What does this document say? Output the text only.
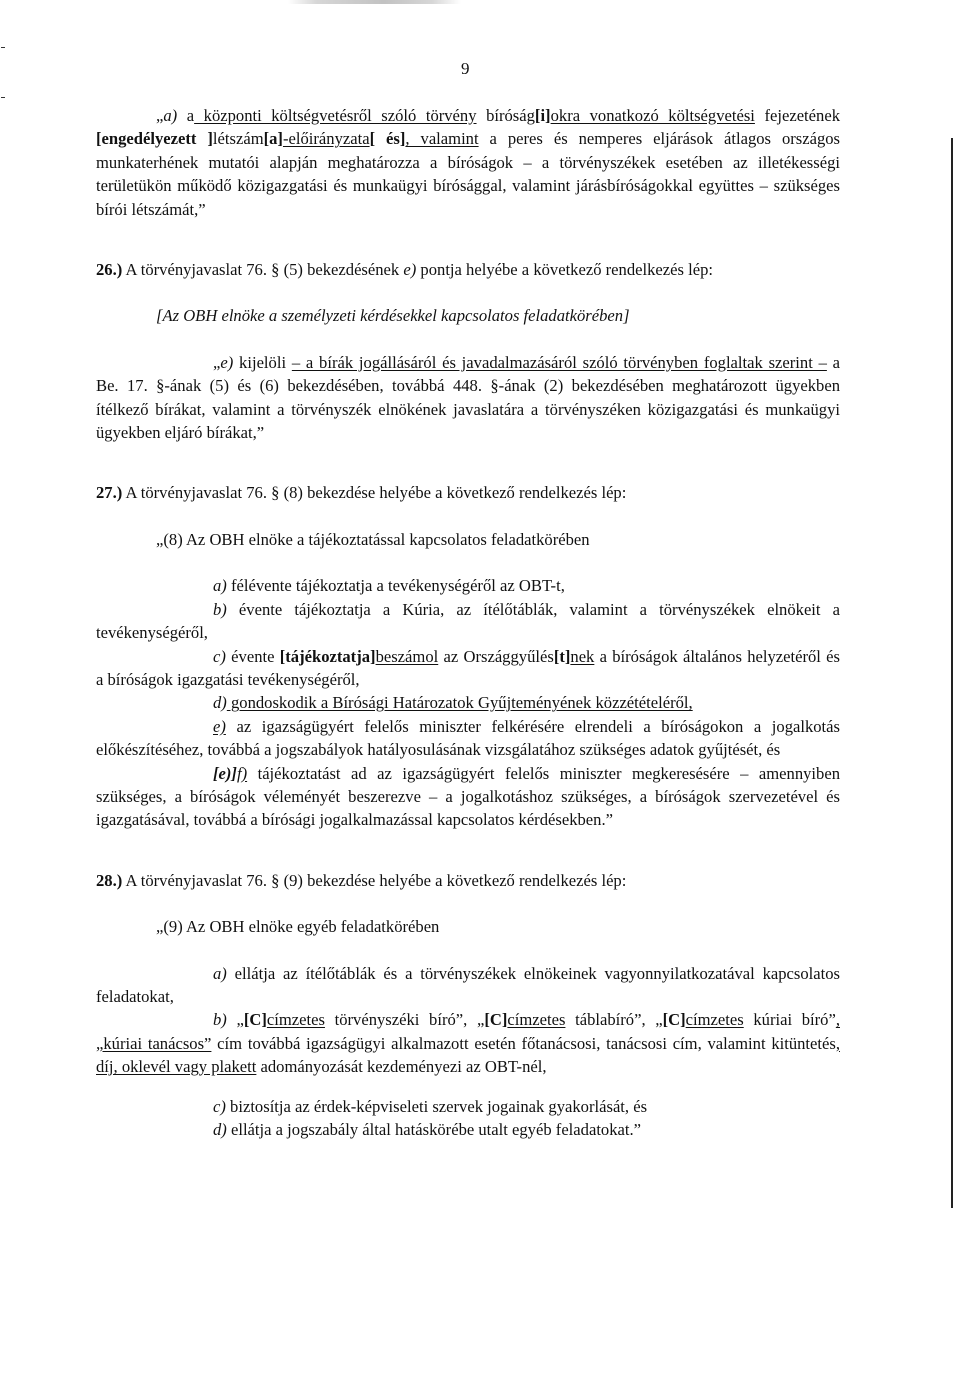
9

„a) a központi költségvetésről szóló törvény bíróság[i]okra vonatkozó költségvetési fejezetének [engedélyezett ]létszám[a]-előirányzata[ és], valamint a peres és nemperes eljárások átlagos országos munkaterhének mutatói alapján meghatározza a bíróságok – a törvényszékek esetében az illetékességi területükön működő közigazgatási és munkaügyi bírósággal, valamint járásbíróságokkal együttes – szükséges bírói létszámát,”

26.) A törvényjavaslat 76. § (5) bekezdésének e) pontja helyébe a következő rendelkezés lép:

[Az OBH elnöke a személyzeti kérdésekkel kapcsolatos feladatkörében]

„e) kijelöli – a bírák jogállásáról és javadalmazásáról szóló törvényben foglaltak szerint – a Be. 17. §-ának (5) és (6) bekezdésében, továbbá 448. §-ának (2) bekezdésében meghatározott ügyekben ítélkező bírákat, valamint a törvényszék elnökének javaslatára a törvényszéken közigazgatási és munkaügyi ügyekben eljáró bírákat,”

27.) A törvényjavaslat 76. § (8) bekezdése helyébe a következő rendelkezés lép:

„(8) Az OBH elnöke a tájékoztatással kapcsolatos feladatkörében

a) félévente tájékoztatja a tevékenységéről az OBT-t,

b) évente tájékoztatja a Kúria, az ítélőtáblák, valamint a törvényszékek elnökeit a tevékenységéről,

c) évente [tájékoztatja]beszámol az Országgyűlés[t]nek a bíróságok általános helyzetéről és a bíróságok igazgatási tevékenységéről,

d) gondoskodik a Bírósági Határozatok Gyűjteményének közzétételéről,

e) az igazságügyért felelős miniszter felkérésére elrendeli a bíróságokon a jogalkotás előkészítéséhez, továbbá a jogszabályok hatályosulásának vizsgálatához szükséges adatok gyűjtését, és

[e)]f) tájékoztatást ad az igazságügyért felelős miniszter megkeresésére – amennyiben szükséges, a bíróságok véleményét beszerezve – a jogalkotáshoz szükséges, a bíróságok szervezetével és igazgatásával, továbbá a bírósági jogalkalmazással kapcsolatos kérdésekben.”

28.) A törvényjavaslat 76. § (9) bekezdése helyébe a következő rendelkezés lép:

„(9) Az OBH elnöke egyéb feladatkörében

a) ellátja az ítélőtáblák és a törvényszékek elnökeinek vagyonnyilatkozatával kapcsolatos feladatokat,

b) „[C]címzetes törvényszéki bíró”, „[C]címzetes táblabíró”, „[C]címzetes kúriai bíró”, „kúriai tanácsos” cím továbbá igazságügyi alkalmazott esetén főtanácsosi, tanácsosi cím, valamint kitüntetés, díj, oklevél vagy plakett adományozását kezdeményezi az OBT-nél,

c) biztosítja az érdek-képviseleti szervek jogainak gyakorlását, és

d) ellátja a jogszabály által hatáskörébe utalt egyéb feladatokat.”
